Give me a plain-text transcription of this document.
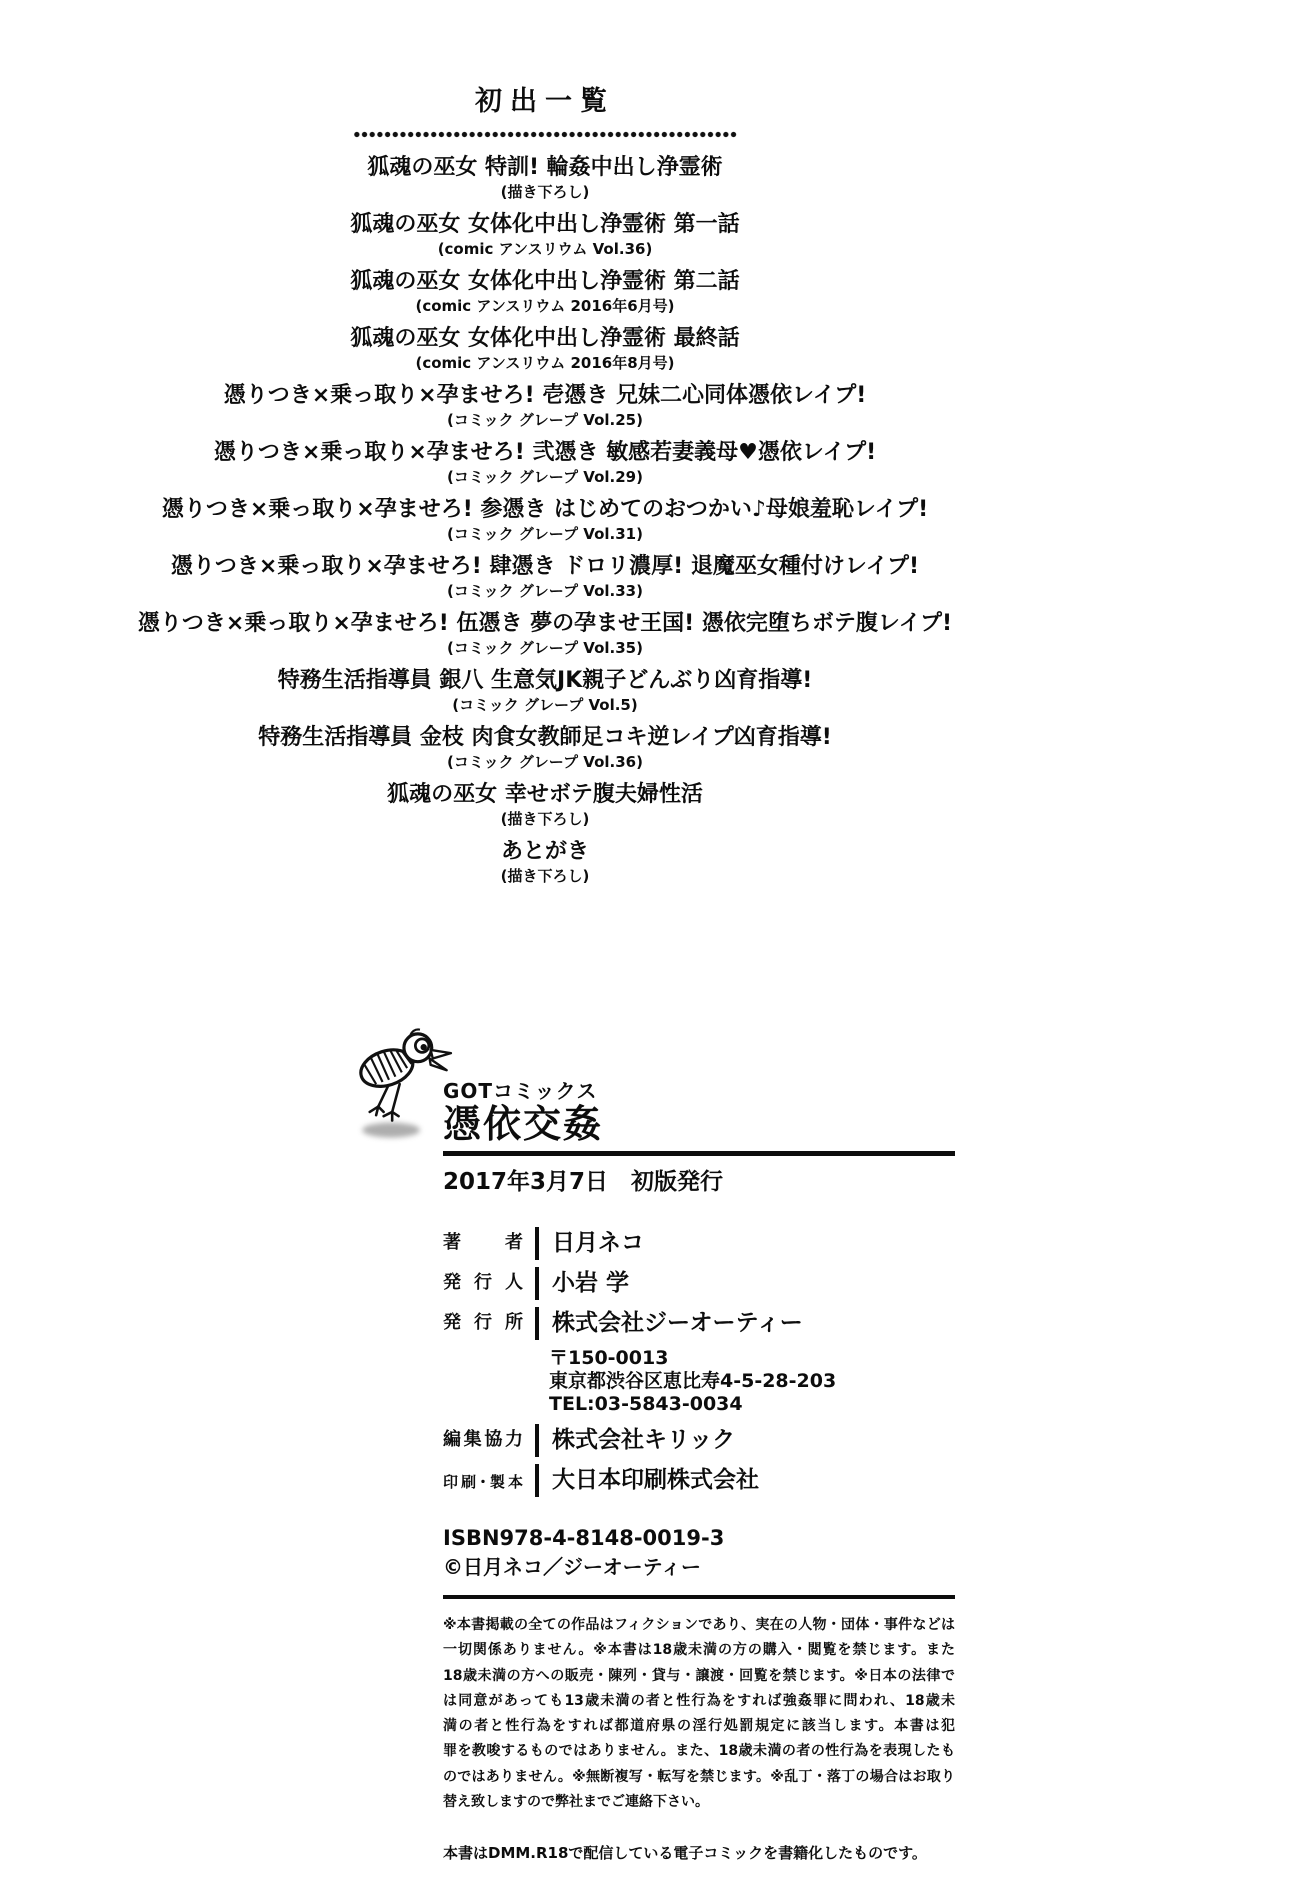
初出一覧
狐魂の巫女 特訓! 輪姦中出し浄霊術
(描き下ろし)
狐魂の巫女 女体化中出し浄霊術 第一話
(comic アンスリウム Vol.36)
狐魂の巫女 女体化中出し浄霊術 第二話
(comic アンスリウム 2016年6月号)
狐魂の巫女 女体化中出し浄霊術 最終話
(comic アンスリウム 2016年8月号)
憑りつき×乗っ取り×孕ませろ! 壱憑き 兄妹二心同体憑依レイプ!
(コミック グレープ Vol.25)
憑りつき×乗っ取り×孕ませろ! 弐憑き 敏感若妻義母♥憑依レイプ!
(コミック グレープ Vol.29)
憑りつき×乗っ取り×孕ませろ! 参憑き はじめてのおつかい♪母娘羞恥レイプ!
(コミック グレープ Vol.31)
憑りつき×乗っ取り×孕ませろ! 肆憑き ドロリ濃厚! 退魔巫女種付けレイプ!
(コミック グレープ Vol.33)
憑りつき×乗っ取り×孕ませろ! 伍憑き 夢の孕ませ王国! 憑依完堕ちボテ腹レイプ!
(コミック グレープ Vol.35)
特務生活指導員 銀八 生意気JK親子どんぶり凶育指導!
(コミック グレープ Vol.5)
特務生活指導員 金枝 肉食女教師足コキ逆レイプ凶育指導!
(コミック グレープ Vol.36)
狐魂の巫女 幸せボテ腹夫婦性活
(描き下ろし)
あとがき
(描き下ろし)
GOTコミックス
憑依交姦
2017年3月7日　初版発行
著者	日月ネコ
発行人	小岩 学
発行所	株式会社ジーオーティー
〒150-0013
東京都渋谷区恵比寿4-5-28-203
TEL:03-5843-0034
編集協力	株式会社キリック
印刷･製本	大日本印刷株式会社
ISBN978-4-8148-0019-3
©日月ネコ／ジーオーティー
※本書掲載の全ての作品はフィクションであり、実在の人物・団体・事件などは
一切関係ありません。※本書は18歳未満の方の購入・閲覧を禁じます。また
18歳未満の方への販売・陳列・貸与・譲渡・回覧を禁じます。※日本の法律で
は同意があっても13歳未満の者と性行為をすれば強姦罪に問われ、18歳未
満の者と性行為をすれば都道府県の淫行処罰規定に該当します。本書は犯
罪を教唆するものではありません。また、18歳未満の者の性行為を表現したも
のではありません。※無断複写・転写を禁じます。※乱丁・落丁の場合はお取り
替え致しますので弊社までご連絡下さい。
本書はDMM.R18で配信している電子コミックを書籍化したものです。
